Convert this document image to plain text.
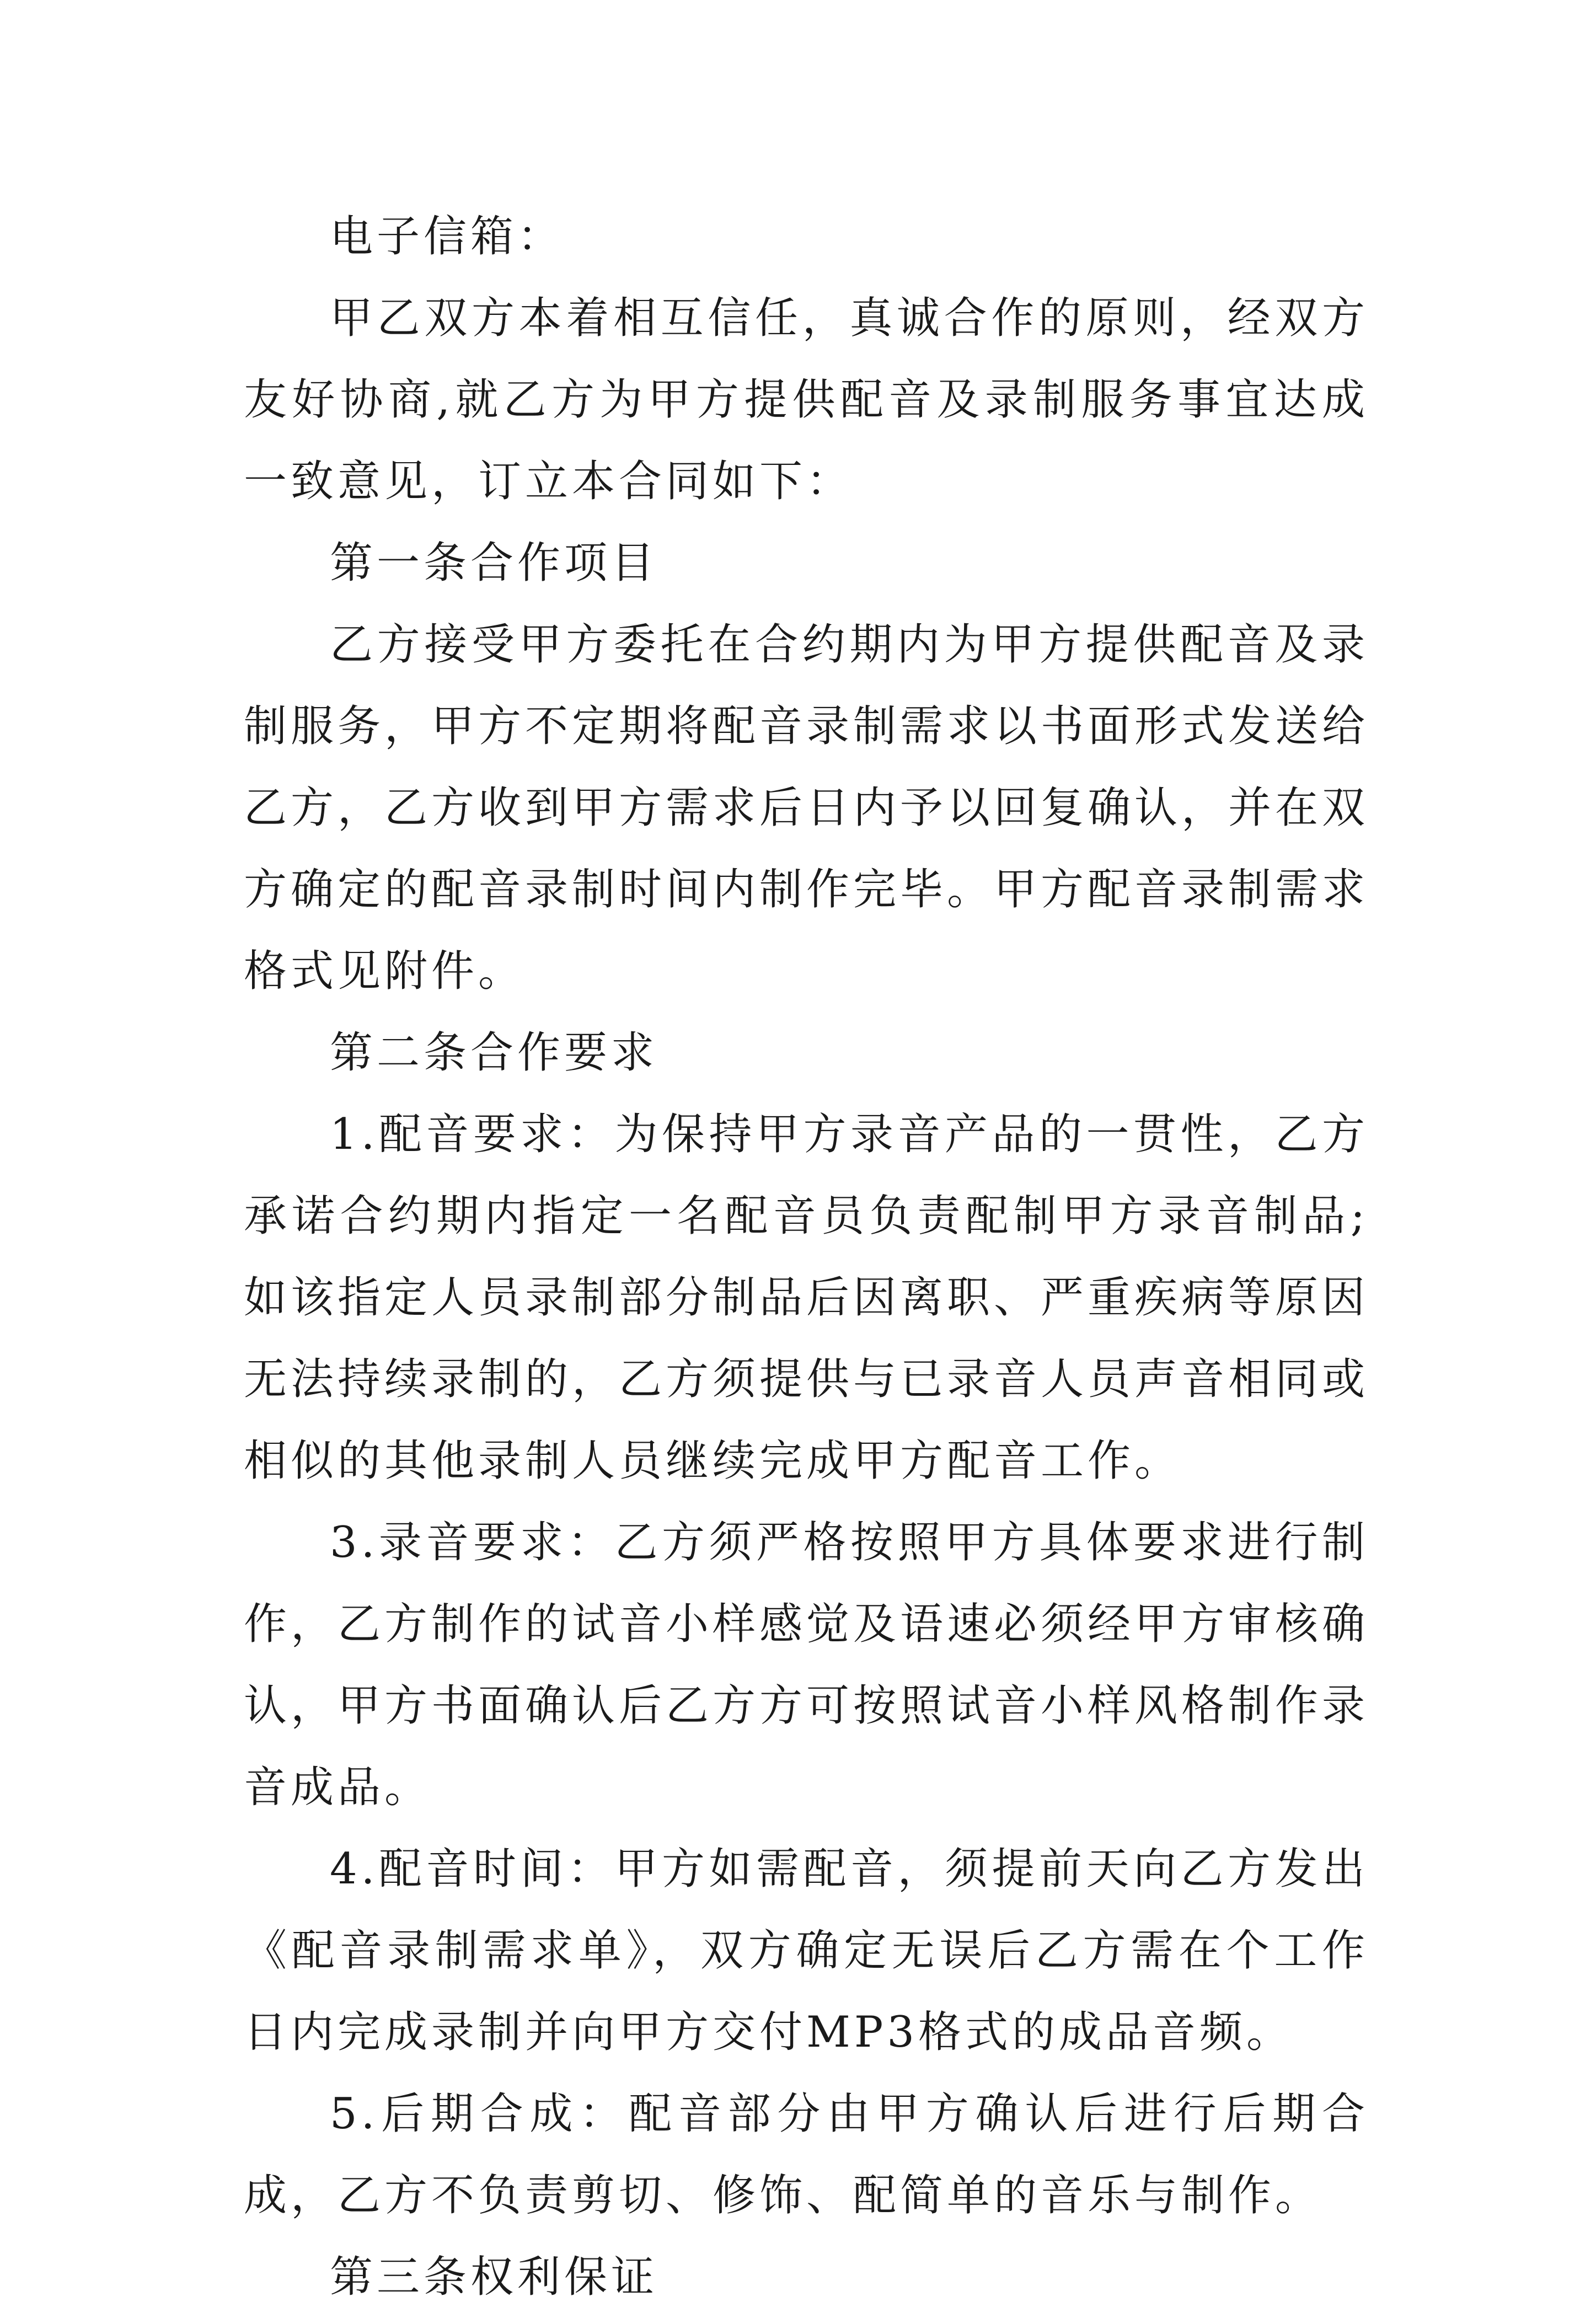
电子信箱：

甲乙双方本着相互信任，真诚合作的原则，经双方友好协商,就乙方为甲方提供配音及录制服务事宜达成一致意见，订立本合同如下：

第一条合作项目

乙方接受甲方委托在合约期内为甲方提供配音及录制服务，甲方不定期将配音录制需求以书面形式发送给乙方，乙方收到甲方需求后日内予以回复确认，并在双方确定的配音录制时间内制作完毕。甲方配音录制需求格式见附件。

第二条合作要求

1.配音要求：为保持甲方录音产品的一贯性，乙方承诺合约期内指定一名配音员负责配制甲方录音制品;如该指定人员录制部分制品后因离职、严重疾病等原因无法持续录制的，乙方须提供与已录音人员声音相同或相似的其他录制人员继续完成甲方配音工作。

3.录音要求：乙方须严格按照甲方具体要求进行制作，乙方制作的试音小样感觉及语速必须经甲方审核确认，甲方书面确认后乙方方可按照试音小样风格制作录音成品。

4.配音时间：甲方如需配音，须提前天向乙方发出《配音录制需求单》，双方确定无误后乙方需在个工作日内完成录制并向甲方交付MP3格式的成品音频。

5.后期合成：配音部分由甲方确认后进行后期合成，乙方不负责剪切、修饰、配简单的音乐与制作。

第三条权利保证
